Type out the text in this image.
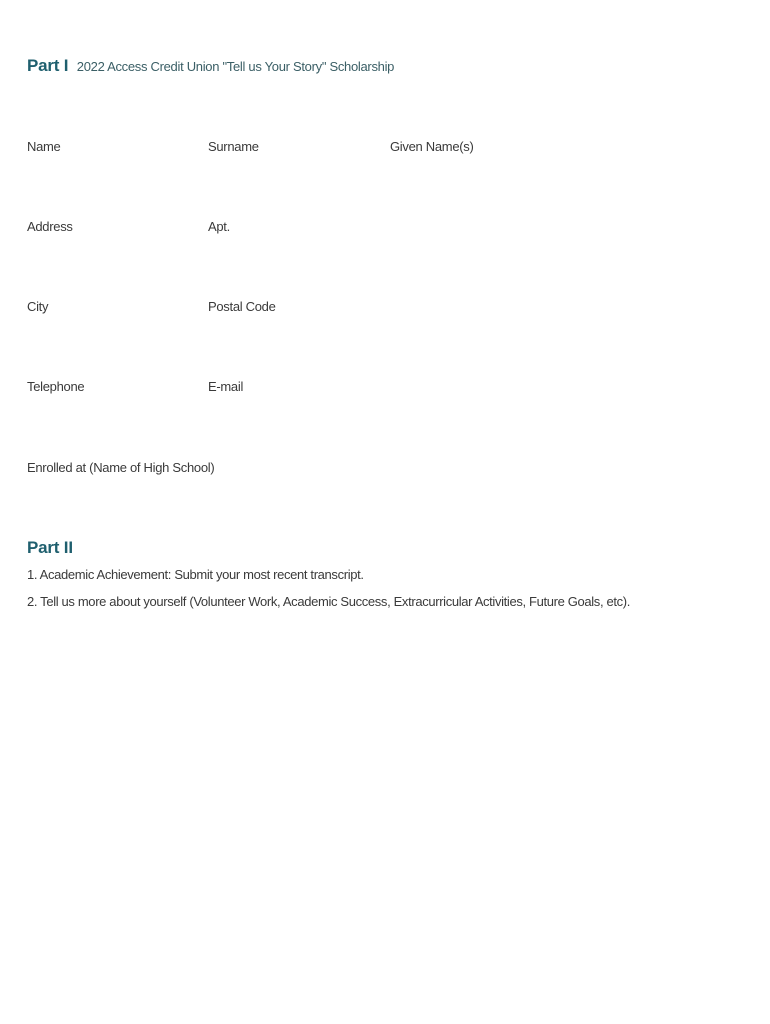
Part I 2022 Access Credit Union "Tell us Your Story" Scholarship
Name	Surname	Given Name(s)
Address	Apt.
City	Postal Code
Telephone	E-mail
Enrolled at (Name of High School)
Part II
1. Academic Achievement: Submit your most recent transcript.
2. Tell us more about yourself (Volunteer Work, Academic Success, Extracurricular Activities, Future Goals, etc).
